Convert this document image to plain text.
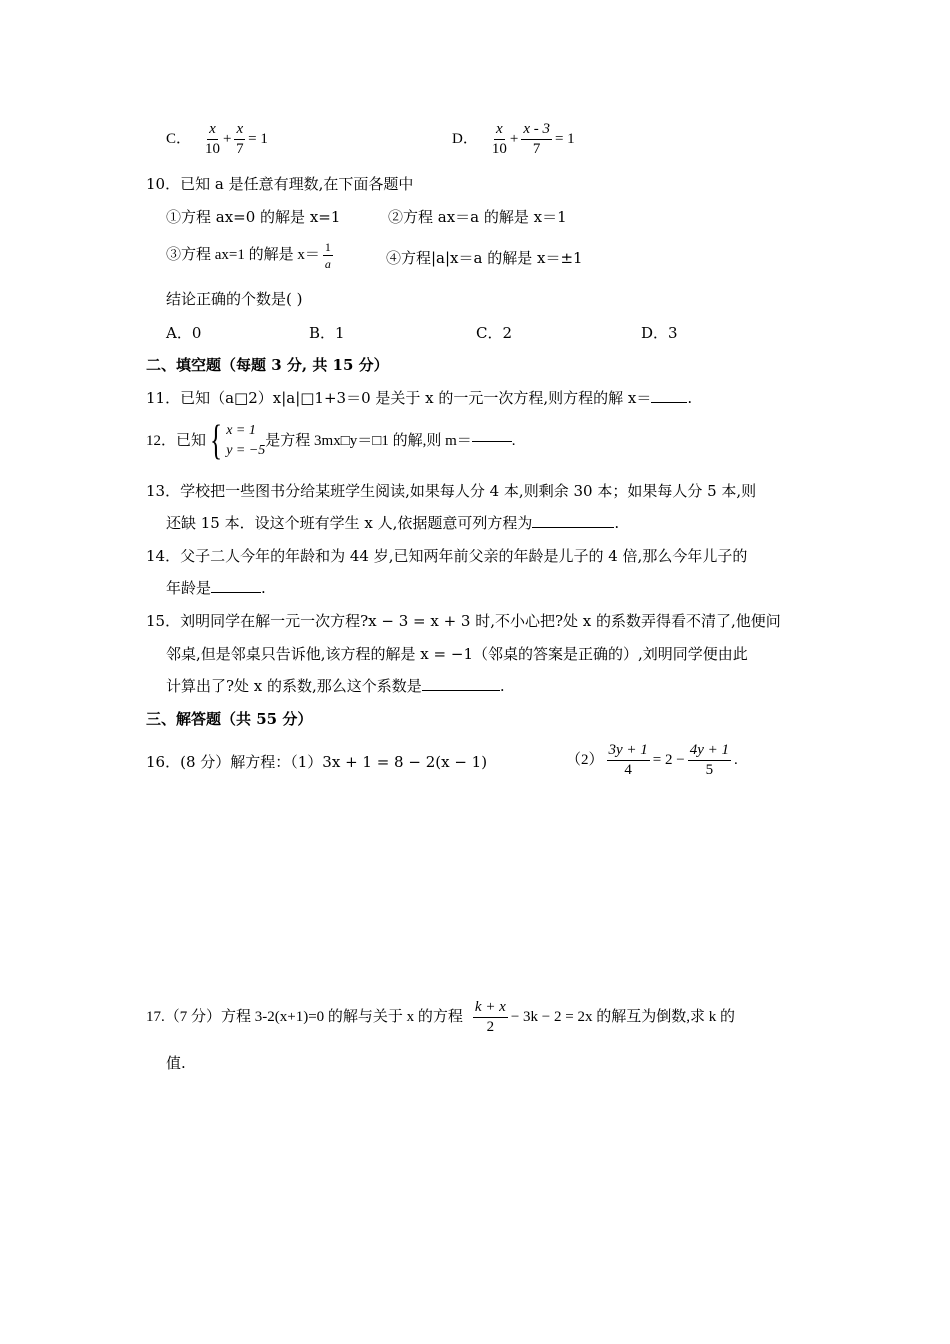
C． $\frac{x}{10} + \frac{x}{7} = 1$	D． $\frac{x}{10} + \frac{x - 3}{7} = 1$
10．已知 a 是任意有理数,在下面各题中
①方程 ax=0 的解是 x=1	②方程 ax＝a 的解是 x＝1
③方程 ax=1 的解是 $x= \frac{1}{a}$	④方程|a|x＝a 的解是 x＝±1
结论正确的个数是( )
A．0	B．1	C．2	D．3
二、填空题（每题 3 分, 共 15 分）
11．已知（a□2）x|a|□1+3＝0 是关于 x 的一元一次方程,则方程的解 x＝ .
12．已知 { x = 1
y = −5
是方程 3mx□y＝□1 的解,则 m＝	.
13．学校把一些图书分给某班学生阅读,如果每人分 4 本,则剩余 30 本；如果每人分 5 本,则
还缺 15 本．设这个班有学生 x 人,依据题意可列方程为	.
14．父子二人今年的年龄和为 44 岁,已知两年前父亲的年龄是儿子的 4 倍,那么今年儿子的
年龄是	.
15．刘明同学在解一元一次方程?x − 3 = x + 3 时,不小心把?处 x 的系数弄得看不清了,他便问
邻桌,但是邻桌只告诉他,该方程的解是 x = −1（邻桌的答案是正确的）,刘明同学便由此
计算出了?处 x 的系数,那么这个系数是	.
三、解答题（共 55 分）
16．(8 分）解方程：（1）3x + 1 = 8 − 2(x − 1)	$(2) \frac{3y + 1}{4} = 2 - \frac{4y + 1}{5}$ .
17.（7 分）方程 3-2(x+1)=0 的解与关于 x 的方程 $\frac{k + x}{2} - 3k - 2 = 2x$ 的解互为倒数,求 k 的
值.
